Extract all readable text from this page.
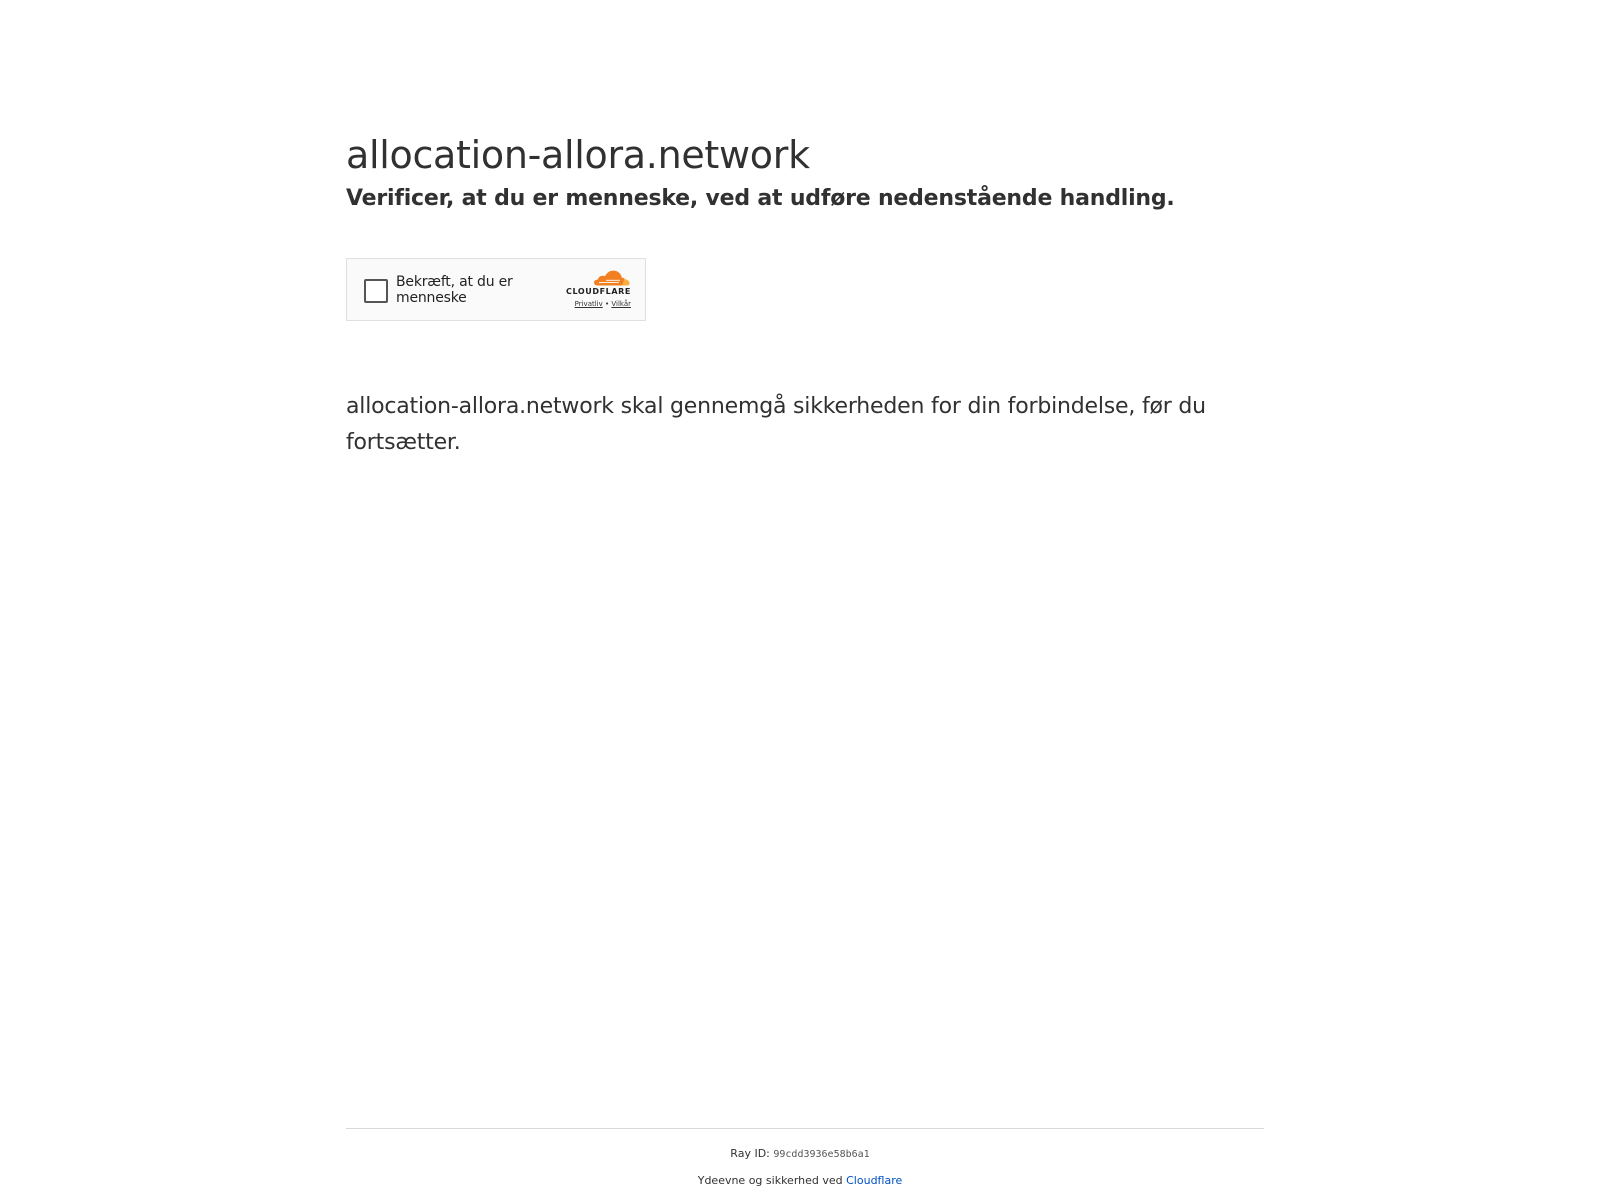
allocation-allora.network
Verificer, at du er menneske, ved at udføre nedenstående handling.
Bekræft, at du er menneske	CLOUDFLARE
Privatliv • Vilkår

allocation-allora.network skal gennemgå sikkerheden for din forbindelse, før du fortsætter.

Ray ID: 99cdd3936e58b6a1
Ydeevne og sikkerhed ved Cloudflare
